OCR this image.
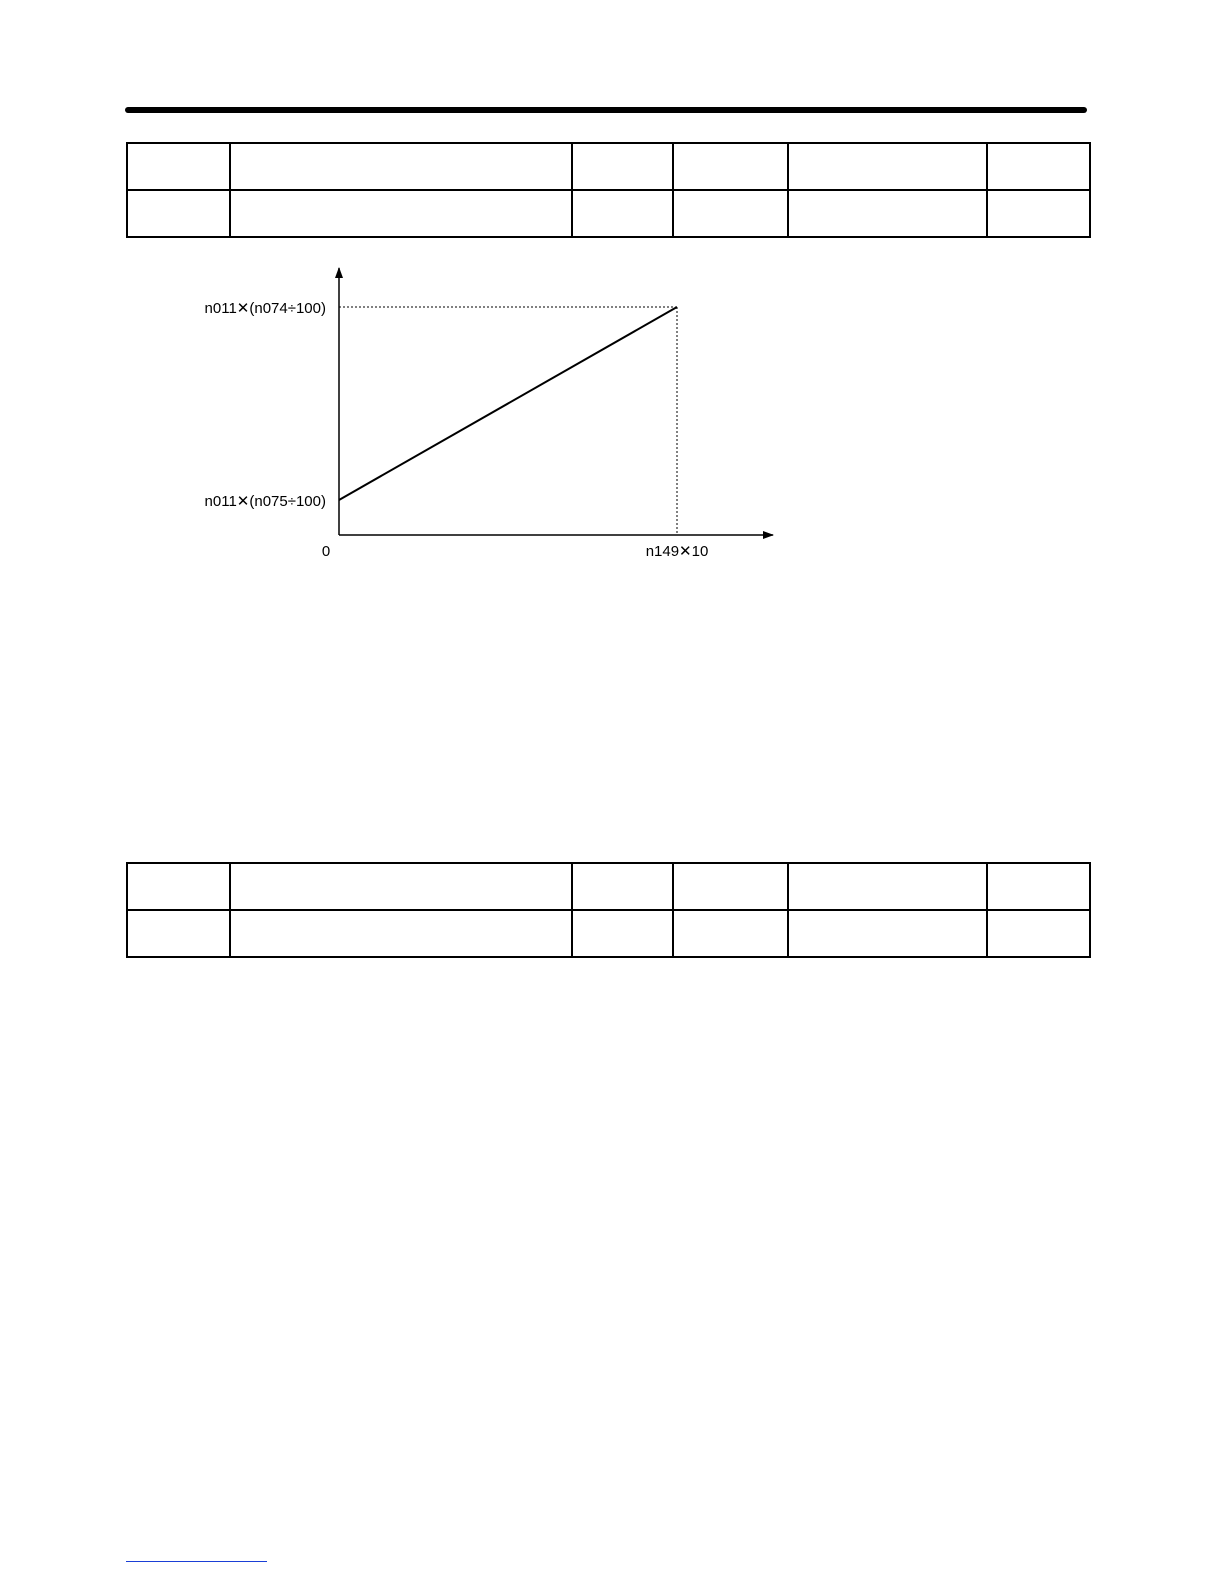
n011✕(n074÷100)
n011✕(n075÷100)
0	n149✕10
